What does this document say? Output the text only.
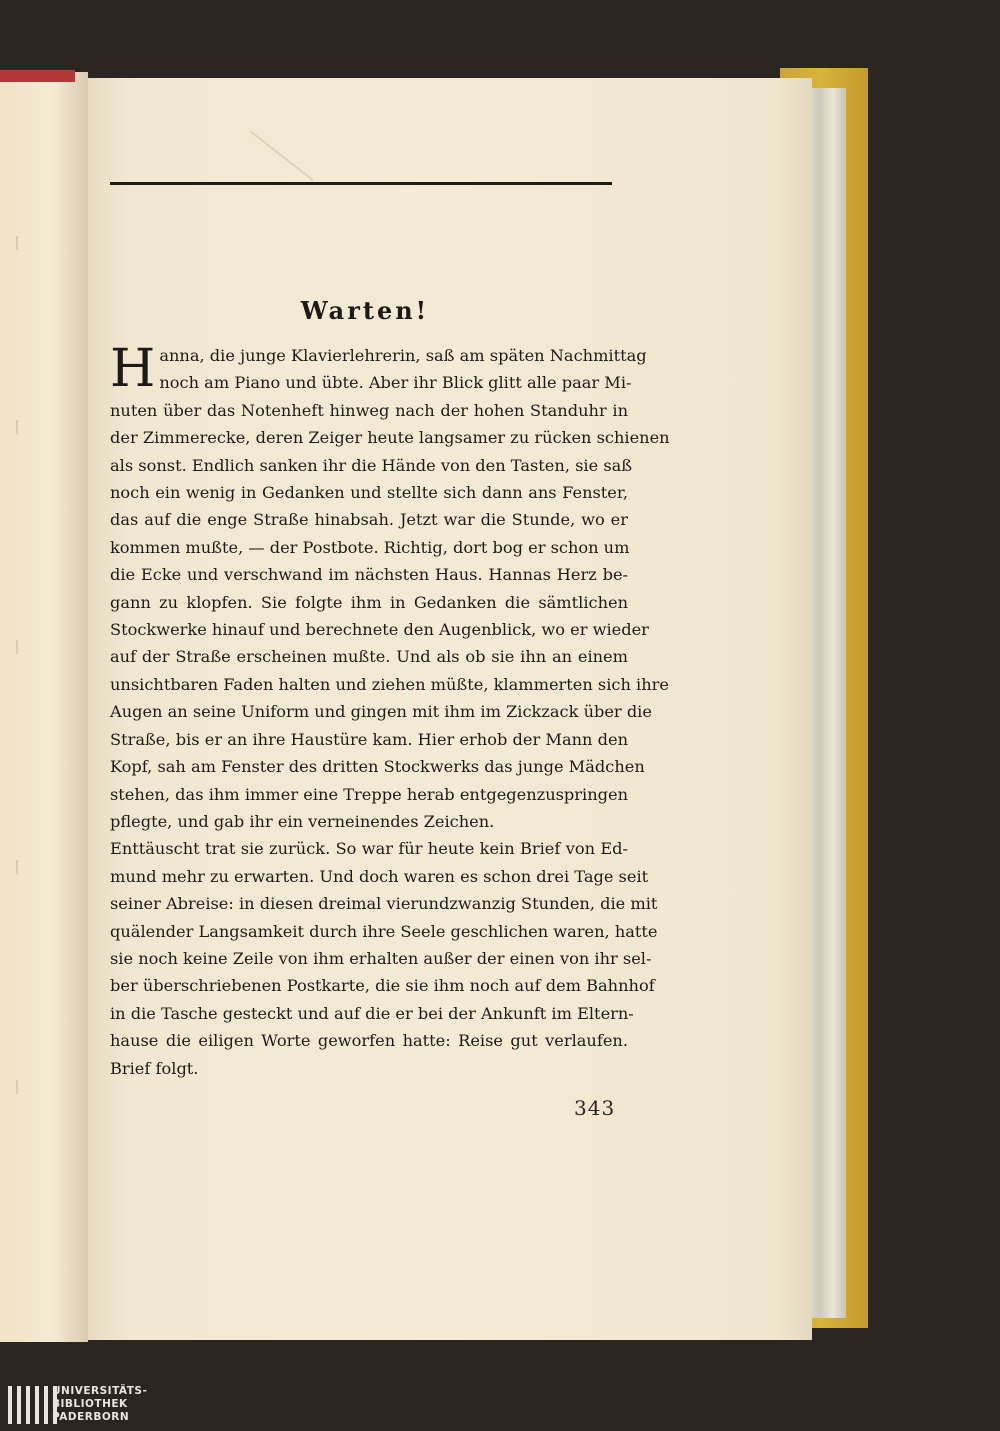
Warten!
H anna, die junge Klavierlehrerin, saß am späten Nachmittag
noch am Piano und übte. Aber ihr Blick glitt alle paar Mi-
nuten über das Notenheft hinweg nach der hohen Standuhr in
der Zimmerecke, deren Zeiger heute langsamer zu rücken schienen
als sonst. Endlich sanken ihr die Hände von den Tasten, sie saß
noch ein wenig in Gedanken und stellte sich dann ans Fenster,
das auf die enge Straße hinabsah. Jetzt war die Stunde, wo er
kommen mußte, — der Postbote. Richtig, dort bog er schon um
die Ecke und verschwand im nächsten Haus. Hannas Herz be-
gann zu klopfen. Sie folgte ihm in Gedanken die sämtlichen
Stockwerke hinauf und berechnete den Augenblick, wo er wieder
auf der Straße erscheinen mußte. Und als ob sie ihn an einem
unsichtbaren Faden halten und ziehen müßte, klammerten sich ihre
Augen an seine Uniform und gingen mit ihm im Zickzack über die
Straße, bis er an ihre Haustüre kam. Hier erhob der Mann den
Kopf, sah am Fenster des dritten Stockwerks das junge Mädchen
stehen, das ihm immer eine Treppe herab entgegenzuspringen
pflegte, und gab ihr ein verneinendes Zeichen.
Enttäuscht trat sie zurück. So war für heute kein Brief von Ed-
mund mehr zu erwarten. Und doch waren es schon drei Tage seit
seiner Abreise: in diesen dreimal vierundzwanzig Stunden, die mit
quälender Langsamkeit durch ihre Seele geschlichen waren, hatte
sie noch keine Zeile von ihm erhalten außer der einen von ihr sel-
ber überschriebenen Postkarte, die sie ihm noch auf dem Bahnhof
in die Tasche gesteckt und auf die er bei der Ankunft im Eltern-
hause die eiligen Worte geworfen hatte: Reise gut verlaufen.
Brief folgt.
343
UNIVERSITÄTS-
BIBLIOTHEK
PADERBORN
